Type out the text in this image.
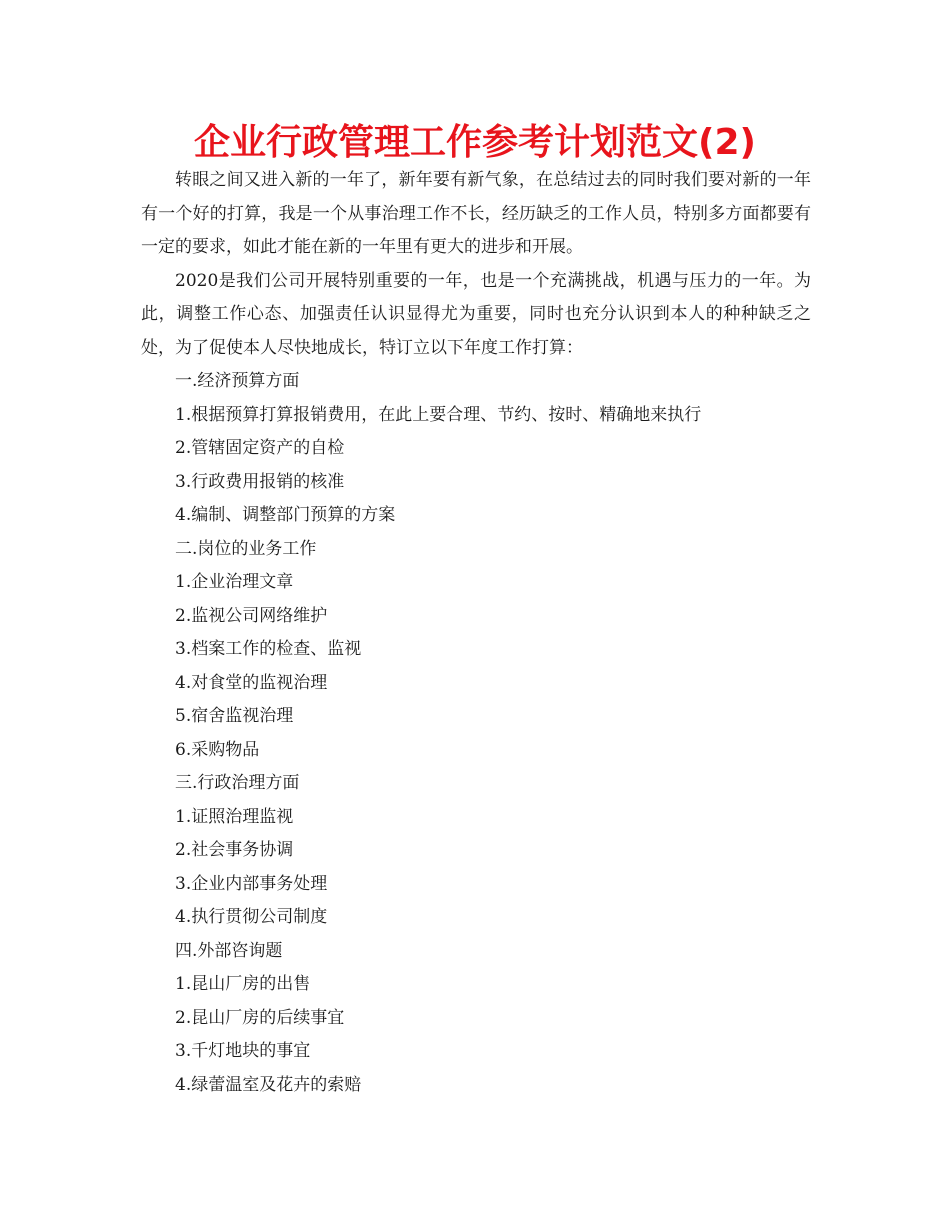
企业行政管理工作参考计划范文(2)

转眼之间又进入新的一年了，新年要有新气象，在总结过去的同时我们要对新的一年有一个好的打算，我是一个从事治理工作不长，经历缺乏的工作人员，特别多方面都要有一定的要求，如此才能在新的一年里有更大的进步和开展。

2020是我们公司开展特别重要的一年，也是一个充满挑战，机遇与压力的一年。为此，调整工作心态、加强责任认识显得尤为重要，同时也充分认识到本人的种种缺乏之处，为了促使本人尽快地成长，特订立以下年度工作打算：

一.经济预算方面

1.根据预算打算报销费用，在此上要合理、节约、按时、精确地来执行

2.管辖固定资产的自检

3.行政费用报销的核准

4.编制、调整部门预算的方案

二.岗位的业务工作

1.企业治理文章

2.监视公司网络维护

3.档案工作的检查、监视

4.对食堂的监视治理

5.宿舍监视治理

6.采购物品

三.行政治理方面

1.证照治理监视

2.社会事务协调

3.企业内部事务处理

4.执行贯彻公司制度

四.外部咨询题

1.昆山厂房的出售

2.昆山厂房的后续事宜

3.千灯地块的事宜

4.绿蕾温室及花卉的索赔
